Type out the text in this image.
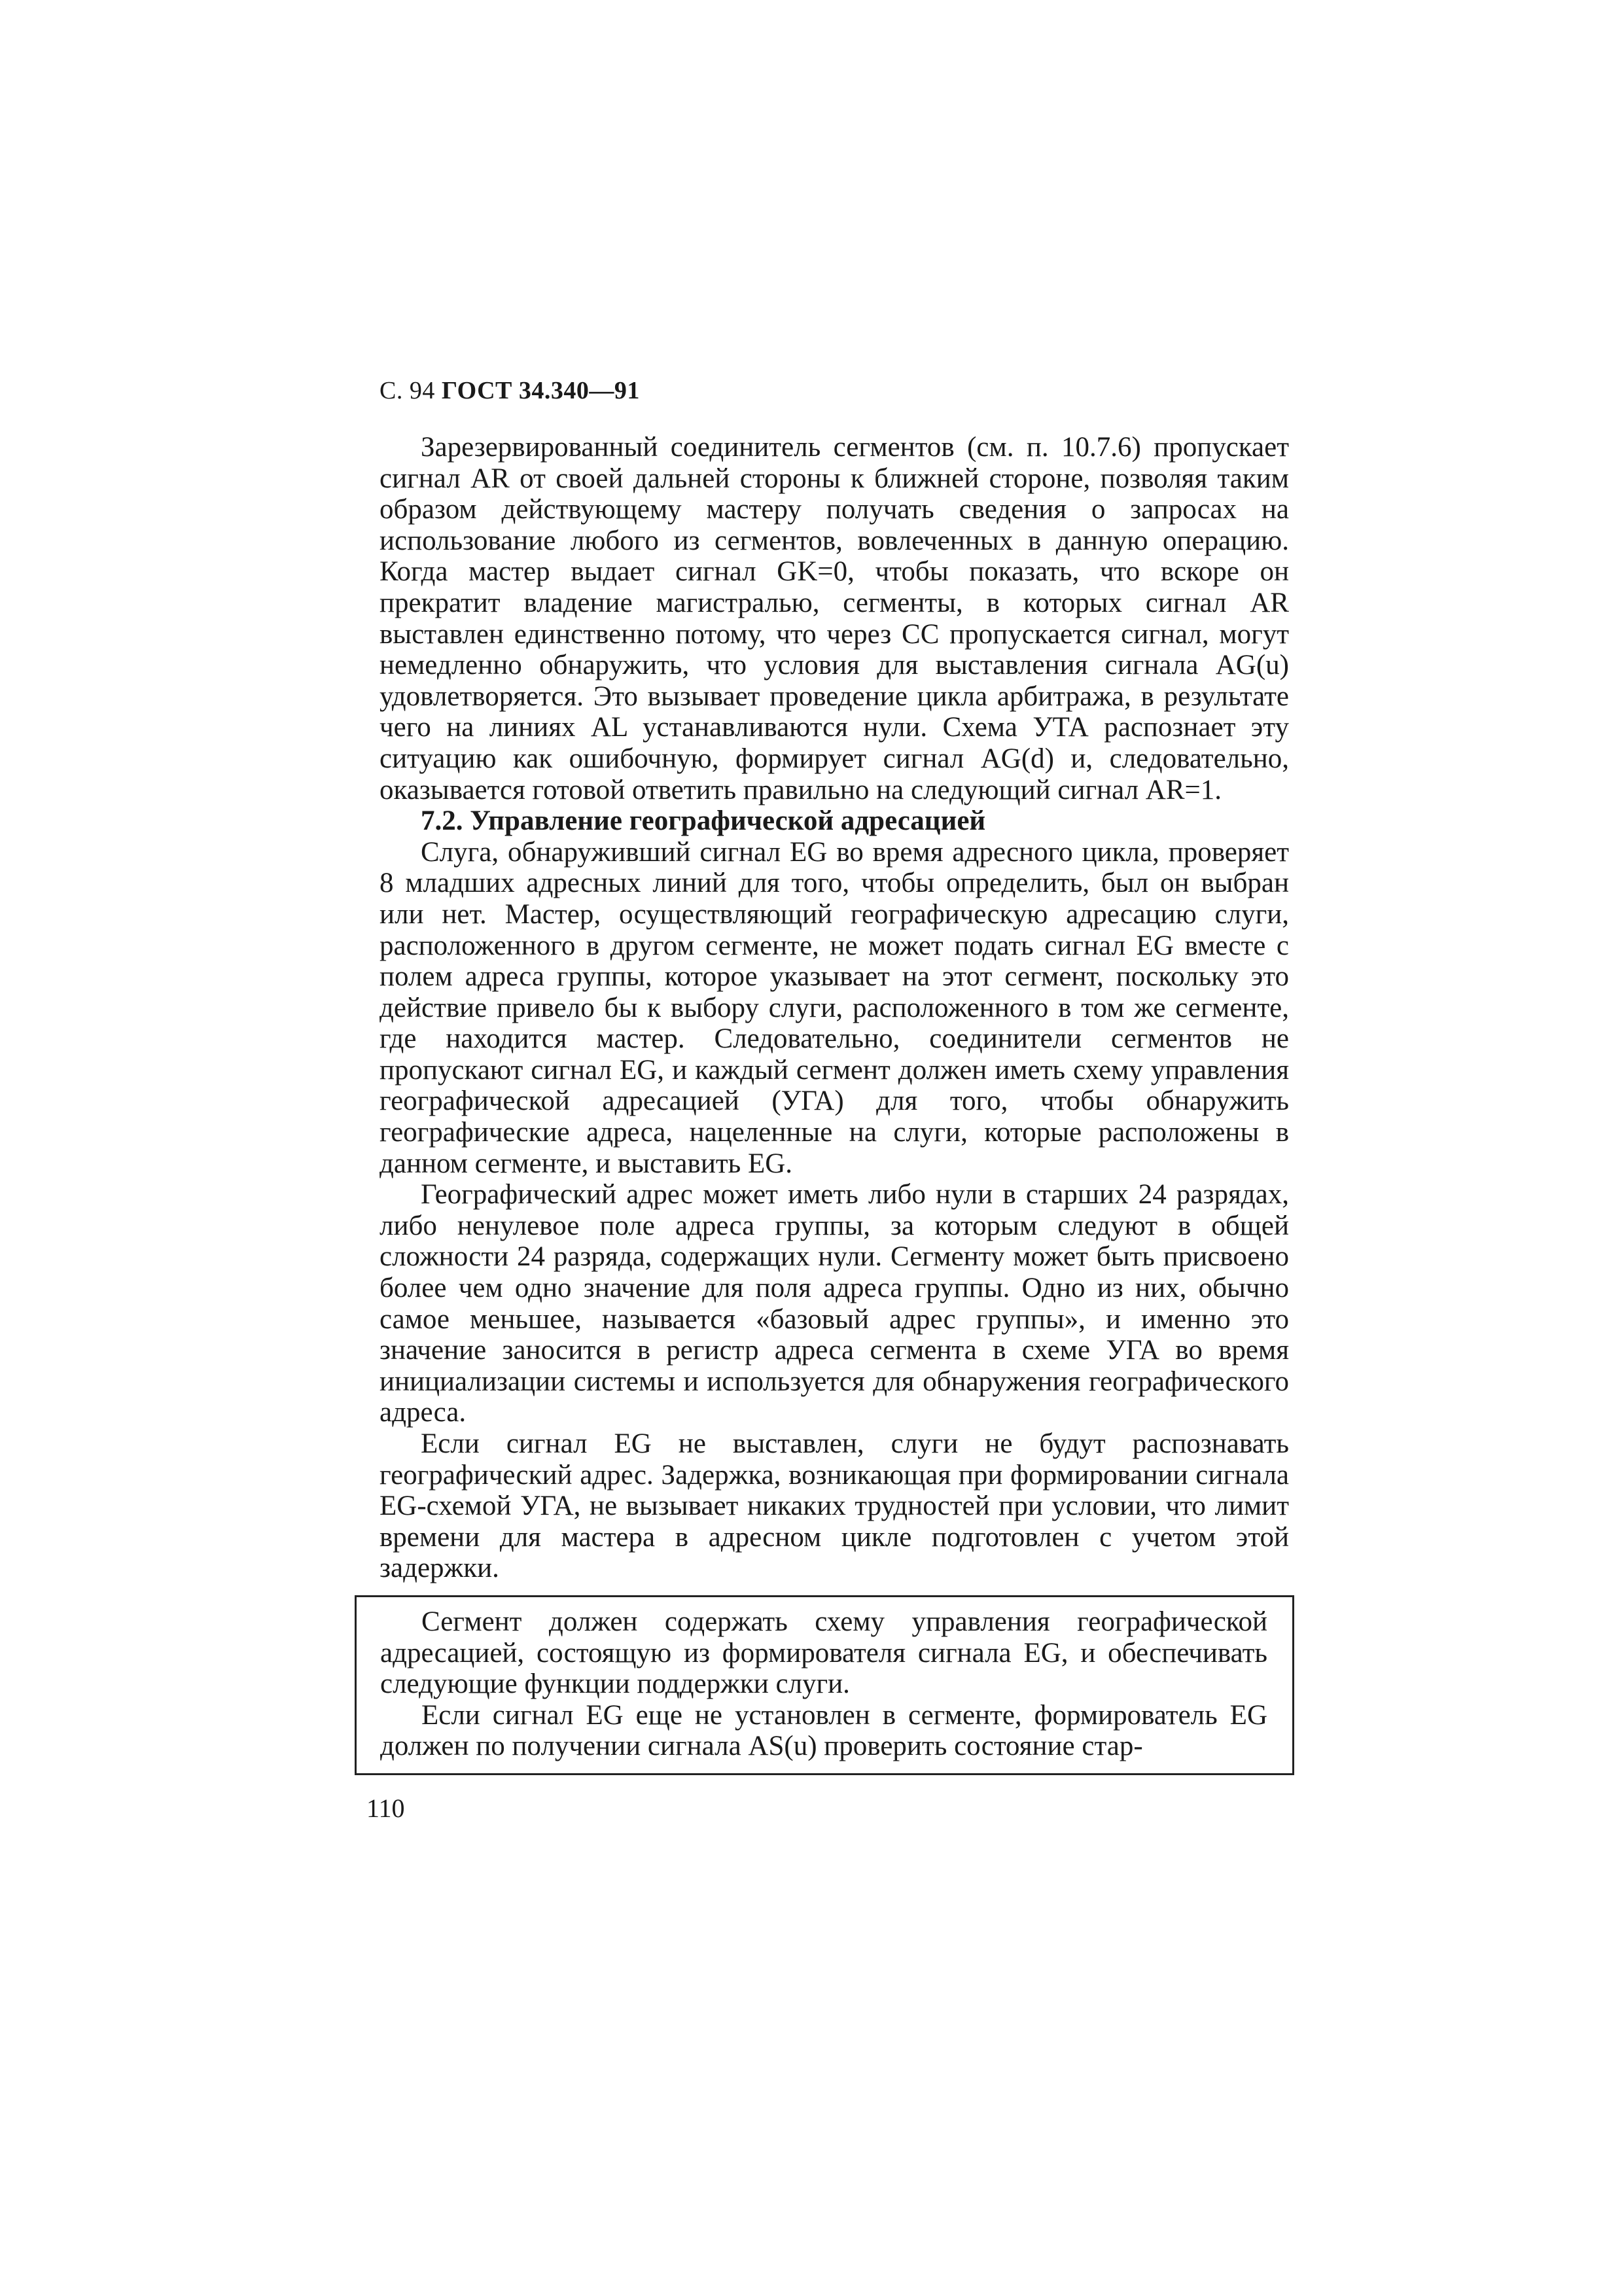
С. 94 ГОСТ 34.340—91

Зарезервированный соединитель сегментов (см. п. 10.7.6) пропускает сигнал AR от своей дальней стороны к ближней стороне, позволяя таким образом действующему мастеру получать сведения о запросах на использование любого из сегментов, вовлеченных в данную операцию. Когда мастер выдает сигнал GK=0, чтобы показать, что вскоре он прекратит владение магистралью, сегменты, в которых сигнал AR выставлен единственно потому, что через CC пропускается сигнал, могут немедленно обнаружить, что условия для выставления сигнала AG(u) удовлетворяется. Это вызывает проведение цикла арбитража, в результате чего на линиях AL устанавливаются нули. Схема УТА распознает эту ситуацию как ошибочную, формирует сигнал AG(d) и, следовательно, оказывается готовой ответить правильно на следующий сигнал AR=1.

7.2. Управление географической адресацией

Слуга, обнаруживший сигнал EG во время адресного цикла, проверяет 8 младших адресных линий для того, чтобы определить, был он выбран или нет. Мастер, осуществляющий географическую адресацию слуги, расположенного в другом сегменте, не может подать сигнал EG вместе с полем адреса группы, которое указывает на этот сегмент, поскольку это действие привело бы к выбору слуги, расположенного в том же сегменте, где находится мастер. Следовательно, соединители сегментов не пропускают сигнал EG, и каждый сегмент должен иметь схему управления географической адресацией (УГА) для того, чтобы обнаружить географические адреса, нацеленные на слуги, которые расположены в данном сегменте, и выставить EG.

Географический адрес может иметь либо нули в старших 24 разрядах, либо ненулевое поле адреса группы, за которым следуют в общей сложности 24 разряда, содержащих нули. Сегменту может быть присвоено более чем одно значение для поля адреса группы. Одно из них, обычно самое меньшее, называется «базовый адрес группы», и именно это значение заносится в регистр адреса сегмента в схеме УГА во время инициализации системы и используется для обнаружения географического адреса.

Если сигнал EG не выставлен, слуги не будут распознавать географический адрес. Задержка, возникающая при формировании сигнала EG-схемой УГА, не вызывает никаких трудностей при условии, что лимит времени для мастера в адресном цикле подготовлен с учетом этой задержки.

Сегмент должен содержать схему управления географической адресацией, состоящую из формирователя сигнала EG, и обеспечивать следующие функции поддержки слуги.

Если сигнал EG еще не установлен в сегменте, формирователь EG должен по получении сигнала AS(u) проверить состояние стар-

110
